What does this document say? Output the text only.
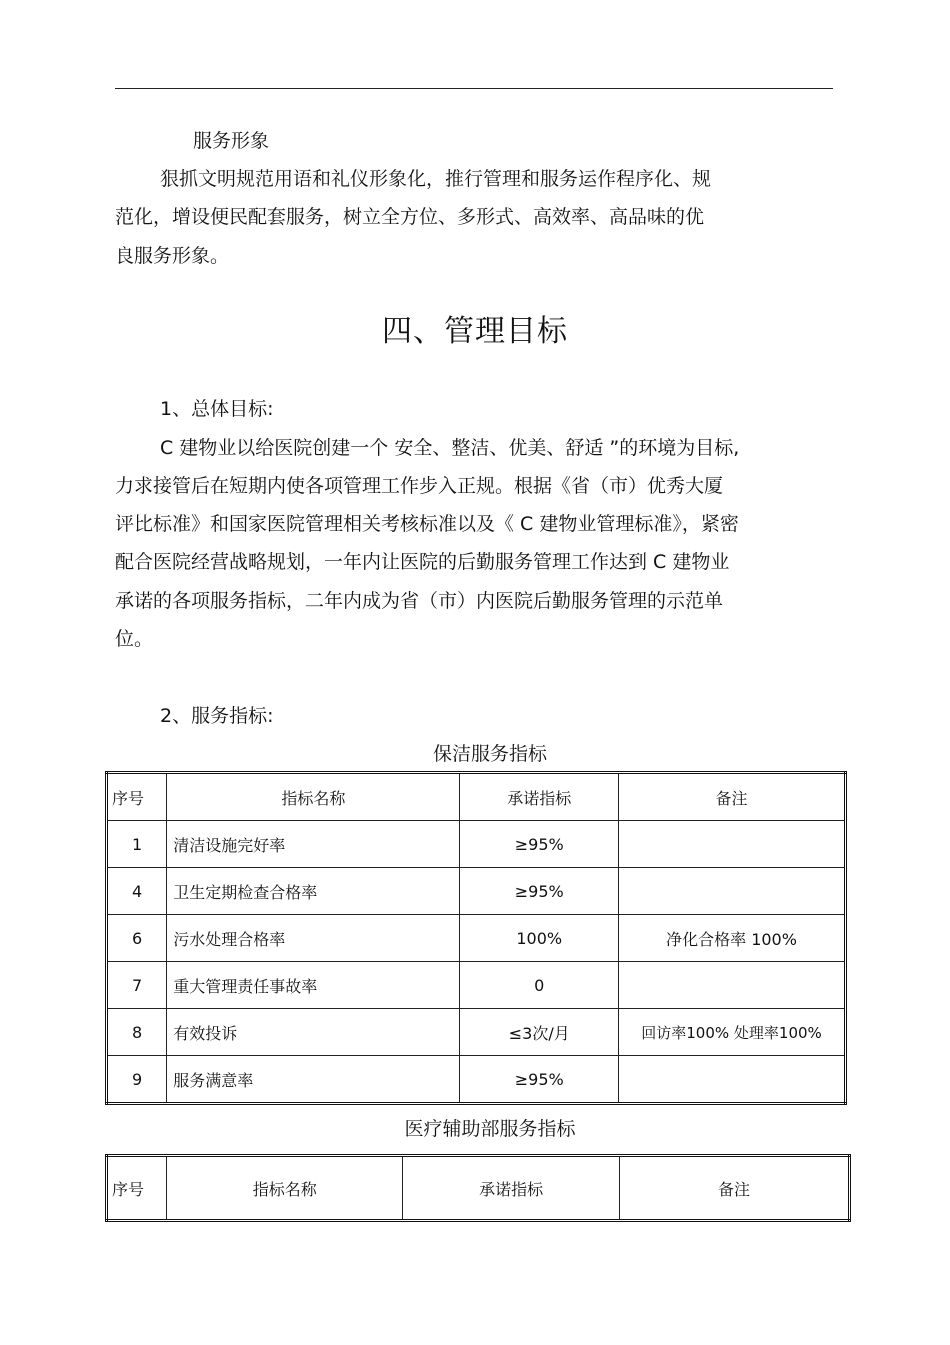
服务形象
狠抓文明规范用语和礼仪形象化，推行管理和服务运作程序化、规
范化，增设便民配套服务，树立全方位、多形式、高效率、高品味的优
良服务形象。
四、管理目标
1、总体目标:
C 建物业以给医院创建一个 安全、整洁、优美、舒适 ”的环境为目标,
力求接管后在短期内使各项管理工作步入正规。根据《省（市）优秀大厦
评比标准》和国家医院管理相关考核标准以及《 C 建物业管理标准》，紧密
配合医院经营战略规划，一年内让医院的后勤服务管理工作达到 C 建物业
承诺的各项服务指标，二年内成为省（市）内医院后勤服务管理的示范单
位。
2、服务指标:
保洁服务指标
序号	指标名称	承诺指标	备注
1	清洁设施完好率	≥95%	
4	卫生定期检查合格率	≥95%	
6	污水处理合格率	100%	净化合格率 100%
7	重大管理责任事故率	0	
8	有效投诉	≤3次/月	回访率100% 处理率100%
9	服务满意率	≥95%	
医疗辅助部服务指标
序号	指标名称	承诺指标	备注
